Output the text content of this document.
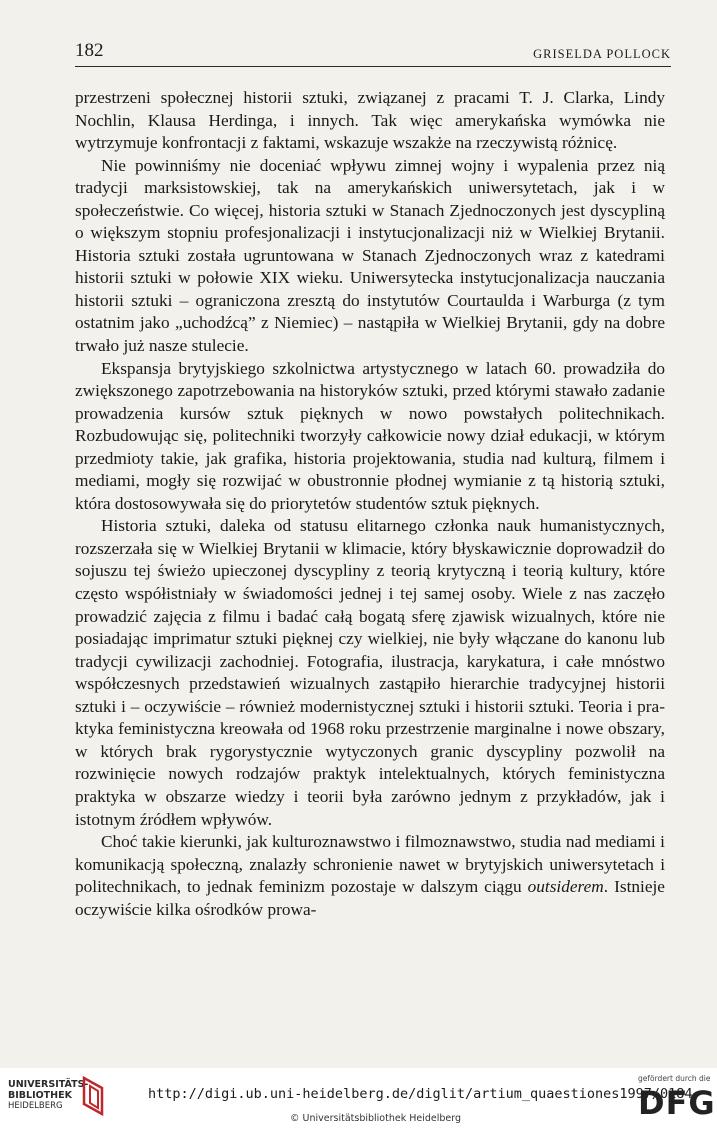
182	GRISELDA POLLOCK

przestrzeni społecznej historii sztuki, związanej z pracami T. J. Clarka, Lindy Nochlin, Klausa Herdinga, i innych. Tak więc amerykańska wymówka nie wytrzymuje konfrontacji z faktami, wskazuje wszakże na rzeczywistą różnicę.

Nie powinniśmy nie doceniać wpływu zimnej wojny i wypalenia przez nią tradycji marksistowskiej, tak na amerykańskich uniwersytetach, jak i w społeczeństwie. Co więcej, historia sztuki w Stanach Zjednoczonych jest dyscypliną o większym stopniu profesjonalizacji i instytucjonalizacji niż w Wielkiej Brytanii. Historia sztuki została ugruntowana w Stanach Zjednoczonych wraz z katedrami historii sztuki w połowie XIX wieku. Uniwersytecka instytucjonalizacja nauczania historii sztuki – ograniczona zresztą do instytutów Courtaulda i Warburga (z tym ostatnim jako „uchodźcą” z Niemiec) – nastąpiła w Wielkiej Brytanii, gdy na dobre trwało już nasze stulecie.

Ekspansja brytyjskiego szkolnictwa artystycznego w latach 60. prowadziła do zwiększonego zapotrzebowania na historyków sztuki, przed którymi stawało zadanie prowadzenia kursów sztuk pięknych w nowo powstałych politechnikach. Rozbudowując się, politechniki tworzyły całkowicie nowy dział edukacji, w którym przedmioty takie, jak grafika, historia projektowania, studia nad kulturą, filmem i mediami, mogły się rozwijać w obustronnie płodnej wymianie z tą historią sztuki, która dostosowywała się do priorytetów studentów sztuk pięknych.

Historia sztuki, daleka od statusu elitarnego członka nauk humanistycznych, rozszerzała się w Wielkiej Brytanii w klimacie, który błyskawicznie doprowadził do sojuszu tej świeżo upieczonej dyscypliny z teorią krytyczną i teorią kultury, które często współistniały w świadomości jednej i tej samej osoby. Wiele z nas zaczęło prowadzić zajęcia z filmu i badać całą bogatą sferę zjawisk wizualnych, które nie posiadając imprimatur sztuki pięknej czy wielkiej, nie były włączane do kanonu lub tradycji cywilizacji zachodniej. Fotografia, ilustracja, karykatura, i całe mnóstwo współczesnych przedstawień wizualnych zastąpiło hierarchie tradycyjnej historii sztuki i – oczywiście – również modernistycznej sztuki i historii sztuki. Teoria i praktyka feministyczna kreowała od 1968 roku przestrzenie marginalne i nowe obszary, w których brak rygorystycznie wytyczonych granic dyscypliny pozwolił na rozwinięcie nowych rodzajów praktyk intelektualnych, których feministyczna praktyka w obszarze wiedzy i teorii była zarówno jednym z przykładów, jak i istotnym źródłem wpływów.

Choć takie kierunki, jak kulturoznawstwo i filmoznawstwo, studia nad mediami i komunikacją społeczną, znalazły schronienie nawet w brytyjskich uniwersytetach i politechnikach, to jednak feminizm pozostaje w dalszym ciągu outsiderem. Istnieje oczywiście kilka ośrodków prowa-

UNIVERSITÄTS-
BIBLIOTHEK
HEIDELBERG
http://digi.ub.uni-heidelberg.de/diglit/artium_quaestiones1997/0184
© Universitätsbibliothek Heidelberg
gefördert durch die
DFG
